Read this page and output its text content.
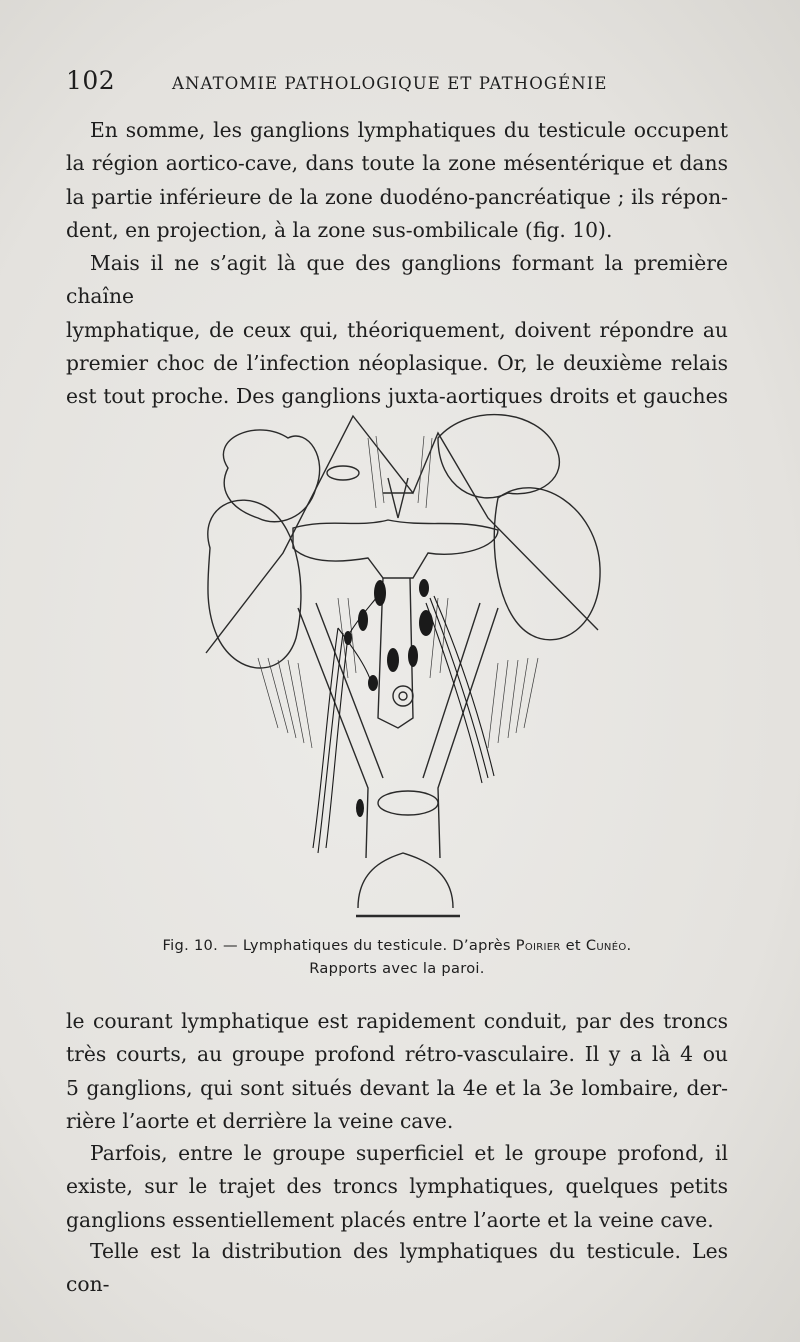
102	ANATOMIE PATHOLOGIQUE ET PATHOGÉNIE

En somme, les ganglions lymphatiques du testicule occupent
la région aortico-cave, dans toute la zone mésentérique et dans
la partie inférieure de la zone duodéno-pancréatique ; ils répon-
dent, en projection, à la zone sus-ombilicale (fig. 10).

Mais il ne s’agit là que des ganglions formant la première chaîne
lymphatique, de ceux qui, théoriquement, doivent répondre au
premier choc de l’infection néoplasique. Or, le deuxième relais
est tout proche. Des ganglions juxta-aortiques droits et gauches

Fig. 10. — Lymphatiques du testicule. D’après Poirier et Cunéo.
Rapports avec la paroi.

le courant lymphatique est rapidement conduit, par des troncs
très courts, au groupe profond rétro-vasculaire. Il y a là 4 ou
5 ganglions, qui sont situés devant la 4e et la 3e lombaire, der-
rière l’aorte et derrière la veine cave.

Parfois, entre le groupe superficiel et le groupe profond, il
existe, sur le trajet des troncs lymphatiques, quelques petits
ganglions essentiellement placés entre l’aorte et la veine cave.

Telle est la distribution des lymphatiques du testicule. Les con-
